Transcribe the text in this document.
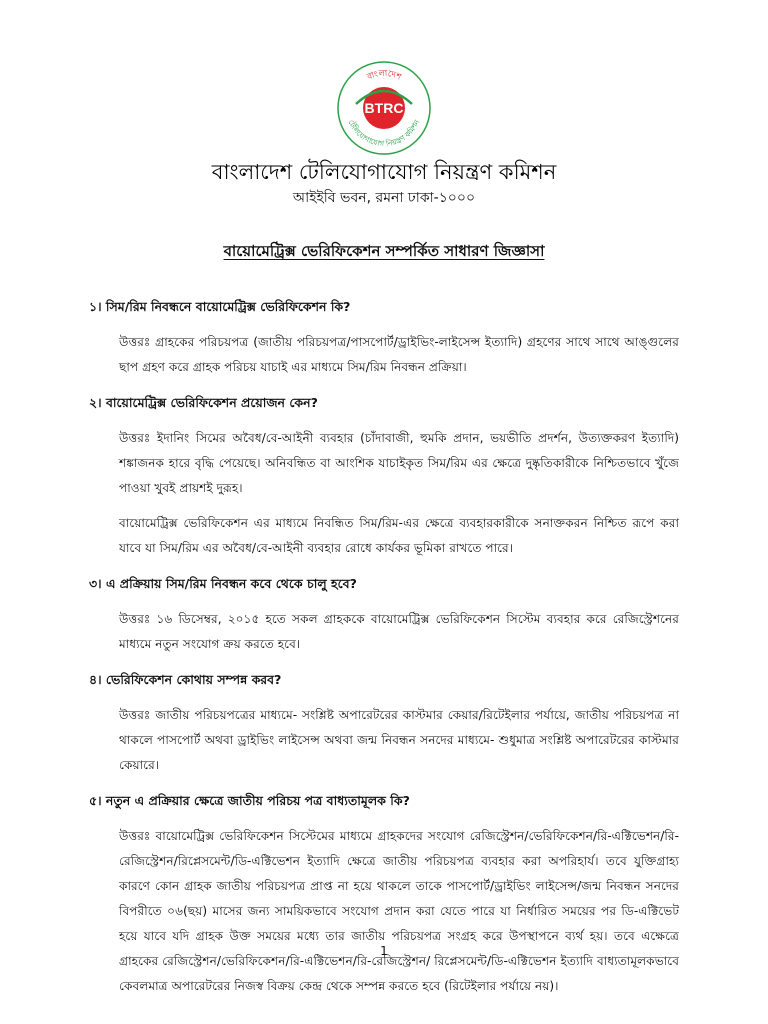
BTRC
বাংলাদেশ
টেলিযোগাযোগ নিয়ন্ত্রণ কমিশন
বাংলাদেশ টেলিযোগাযোগ নিয়ন্ত্রণ কমিশন
আইইবি ভবন, রমনা ঢাকা-১০০০
বায়োমেট্রিক্স ভেরিফিকেশন সম্পর্কিত সাধারণ জিজ্ঞাসা
১। সিম/রিম নিবন্ধনে বায়োমেট্রিক্স ভেরিফিকেশন কি?

উত্তরঃ গ্রাহকের পরিচয়পত্র (জাতীয় পরিচয়পত্র/পাসপোর্ট/ড্রাইভিং-লাইসেন্স ইত্যাদি) গ্রহণের সাথে সাথে আঙ্গুলের ছাপ গ্রহণ করে গ্রাহক পরিচয় যাচাই এর মাধ্যমে সিম/রিম নিবন্ধন প্রক্রিয়া।

২। বায়োমেট্রিক্স ভেরিফিকেশন প্রয়োজন কেন?

উত্তরঃ ইদানিং সিমের অবৈধ/বে-আইনী ব্যবহার (চাঁদাবাজী, হুমকি প্রদান, ভয়ভীতি প্রদর্শন, উত্যক্তকরণ ইত্যাদি) শঙ্কাজনক হারে বৃদ্ধি পেয়েছে। অনিবন্ধিত বা আংশিক যাচাইকৃত সিম/রিম এর ক্ষেত্রে দুষ্কৃতিকারীকে নিশ্চিতভাবে খুঁজে পাওয়া খুবই প্রায়শই দুরূহ।

বায়োমেট্রিক্স ভেরিফিকেশন এর মাধ্যমে নিবন্ধিত সিম/রিম-এর ক্ষেত্রে ব্যবহারকারীকে সনাক্তকরন নিশ্চিত রূপে করা যাবে যা সিম/রিম এর অবৈধ/বে-আইনী ব্যবহার রোধে কার্যকর ভূমিকা রাখতে পারে।

৩। এ প্রক্রিয়ায় সিম/রিম নিবন্ধন কবে থেকে চালু হবে?

উত্তরঃ ১৬ ডিসেম্বর, ২০১৫ হতে সকল গ্রাহককে বায়োমেট্রিক্স ভেরিফিকেশন সিস্টেম ব্যবহার করে রেজিস্ট্রেশনের মাধ্যমে নতুন সংযোগ ক্রয় করতে হবে।

৪। ভেরিফিকেশন কোথায় সম্পন্ন করব?

উত্তরঃ জাতীয় পরিচয়পত্রের মাধ্যমে- সংশ্লিষ্ট অপারেটরের কাস্টমার কেয়ার/রিটেইলার পর্যায়ে, জাতীয় পরিচয়পত্র না থাকলে পাসপোর্ট অথবা ড্রাইভিং লাইসেন্স অথবা জন্ম নিবন্ধন সনদের মাধ্যমে- শুধুমাত্র সংশ্লিষ্ট অপারেটরের কাস্টমার কেয়ারে।

৫। নতুন এ প্রক্রিয়ার ক্ষেত্রে জাতীয় পরিচয় পত্র বাধ্যতামূলক কি?

উত্তরঃ বায়োমেট্রিক্স ভেরিফিকেশন সিস্টেমের মাধ্যমে গ্রাহকদের সংযোগ রেজিস্ট্রেশন/ভেরিফিকেশন/রি-এক্টিভেশন/রি-রেজিস্ট্রেশন/রিপ্লেসমেন্ট/ডি-এক্টিভেশন ইত্যাদি ক্ষেত্রে জাতীয় পরিচয়পত্র ব্যবহার করা অপরিহার্য। তবে যুক্তিগ্রাহ্য কারণে কোন গ্রাহক জাতীয় পরিচয়পত্র প্রাপ্ত না হয়ে থাকলে তাকে পাসপোর্ট/ড্রাইভিং লাইসেন্স/জন্ম নিবন্ধন সনদের বিপরীতে ০৬(ছয়) মাসের জন্য সাময়িকভাবে সংযোগ প্রদান করা যেতে পারে যা নির্ধারিত সময়ের পর ডি-এক্টিভেট হয়ে যাবে যদি গ্রাহক উক্ত সময়ের মধ্যে তার জাতীয় পরিচয়পত্র সংগ্রহ করে উপস্থাপনে ব্যর্থ হয়। তবে এক্ষেত্রে গ্রাহকের রেজিস্ট্রেশন/ভেরিফিকেশন/রি-এক্টিভেশন/রি-রেজিস্ট্রেশন/ রিপ্লেসমেন্ট/ডি-এক্টিভেশন ইত্যাদি বাধ্যতামূলকভাবে কেবলমাত্র অপারেটরের নিজস্ব বিক্রয় কেন্দ্র থেকে সম্পন্ন করতে হবে (রিটেইলার পর্যায়ে নয়)।

1
